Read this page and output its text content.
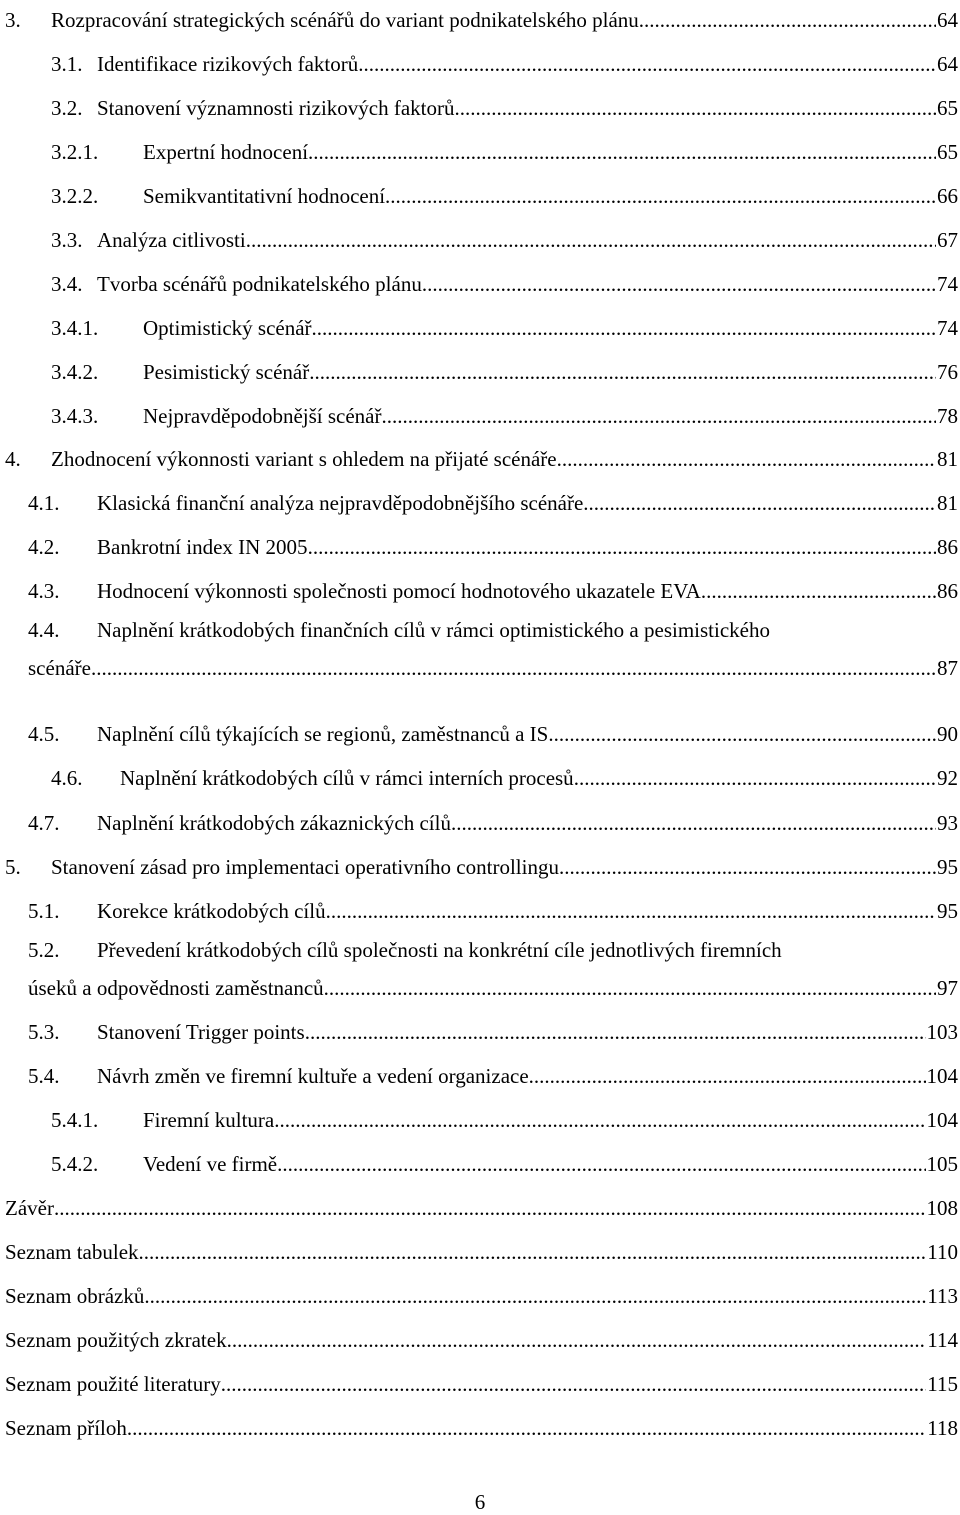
3. Rozpracování strategických scénářů do variant podnikatelského plánu .....	64
3.1. Identifikace rizikových faktorů .....	64
3.2. Stanovení významnosti rizikových faktorů .....	65
3.2.1. Expertní hodnocení .....	65
3.2.2. Semikvantitativní hodnocení .....	66
3.3. Analýza citlivosti .....	67
3.4. Tvorba scénářů podnikatelského plánu .....	74
3.4.1. Optimistický scénář .....	74
3.4.2. Pesimistický scénář .....	76
3.4.3. Nejpravděpodobnější scénář .....	78
4. Zhodnocení výkonnosti variant s ohledem na přijaté scénáře .....	81
4.1. Klasická finanční analýza nejpravděpodobnějšího scénáře .....	81
4.2. Bankrotní index IN 2005 .....	86
4.3. Hodnocení výkonnosti společnosti pomocí hodnotového ukazatele EVA .....	86
4.4. Naplnění krátkodobých finančních cílů v rámci optimistického a pesimistického
scénáře .....	87
4.5. Naplnění cílů týkajících se regionů, zaměstnanců a IS .....	90
4.6. Naplnění krátkodobých cílů v rámci interních procesů .....	92
4.7. Naplnění krátkodobých zákaznických cílů .....	93
5. Stanovení zásad pro implementaci operativního controllingu .....	95
5.1. Korekce krátkodobých cílů .....	95
5.2. Převedení krátkodobých cílů společnosti na konkrétní cíle jednotlivých firemních
úseků a odpovědnosti zaměstnanců .....	97
5.3. Stanovení Trigger points .....	103
5.4. Návrh změn ve firemní kultuře a vedení organizace .....	104
5.4.1. Firemní kultura .....	104
5.4.2. Vedení ve firmě .....	105
Závěr .....	108
Seznam tabulek .....	110
Seznam obrázků .....	113
Seznam použitých zkratek .....	114
Seznam použité literatury .....	115
Seznam příloh .....	118
6
